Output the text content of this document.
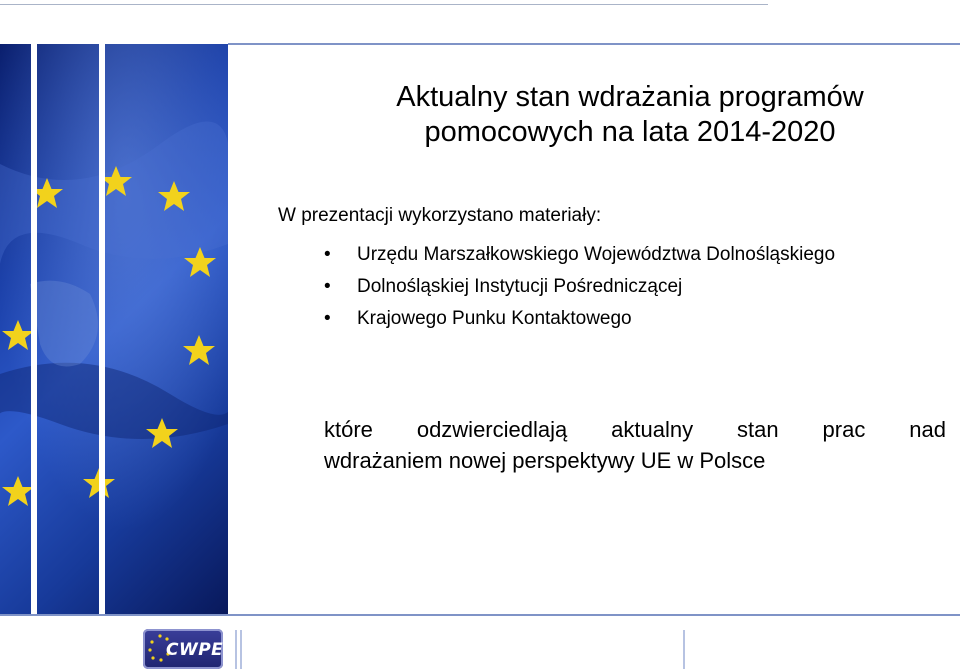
Aktualny stan wdrażania programów
pomocowych na lata 2014-2020
W prezentacji wykorzystano materiały:
• Urzędu Marszałkowskiego Województwa Dolnośląskiego
• Dolnośląskiej Instytucji Pośredniczącej
• Krajowego Punku Kontaktowego
które odzwierciedlają aktualny stan prac nad
wdrażaniem nowej perspektywy UE w Polsce
CWPE
